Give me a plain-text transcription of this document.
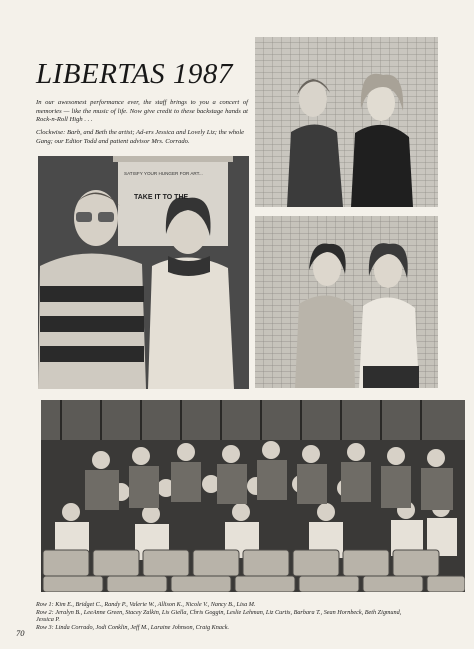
LIBERTAS 1987
In our awesomest performance ever, the staff brings to you a concert of memories — like the music of life. Now give credit to these backstage hands at Rock-n-Roll High . . .
Clockwise: Barb, and Beth the artist; Ad-ers Jessica and Lovely Liz; the whole Gang; our Editor Todd and patient advisor Mrs. Corrado.
SATISFY YOUR HUNGER FOR ART...
TAKE IT TO THE
Row 1: Kim E., Bridget C., Randy P., Valerie W., Allison K., Nicole V., Nancy B., Lisa M.
Row 2: Jeralyn B., LeeAnne Green, Stacey Zalkin, Lis Giella, Chris Goggin, Leslie Lehman, Liz Curtis, Barbara T., Sean Hornbeck, Beth Zigmund,
Jessica P.
Row 3: Linda Corrado, Jodi Conklin, Jeff M., Laraine Johnson, Craig Knack.
70
